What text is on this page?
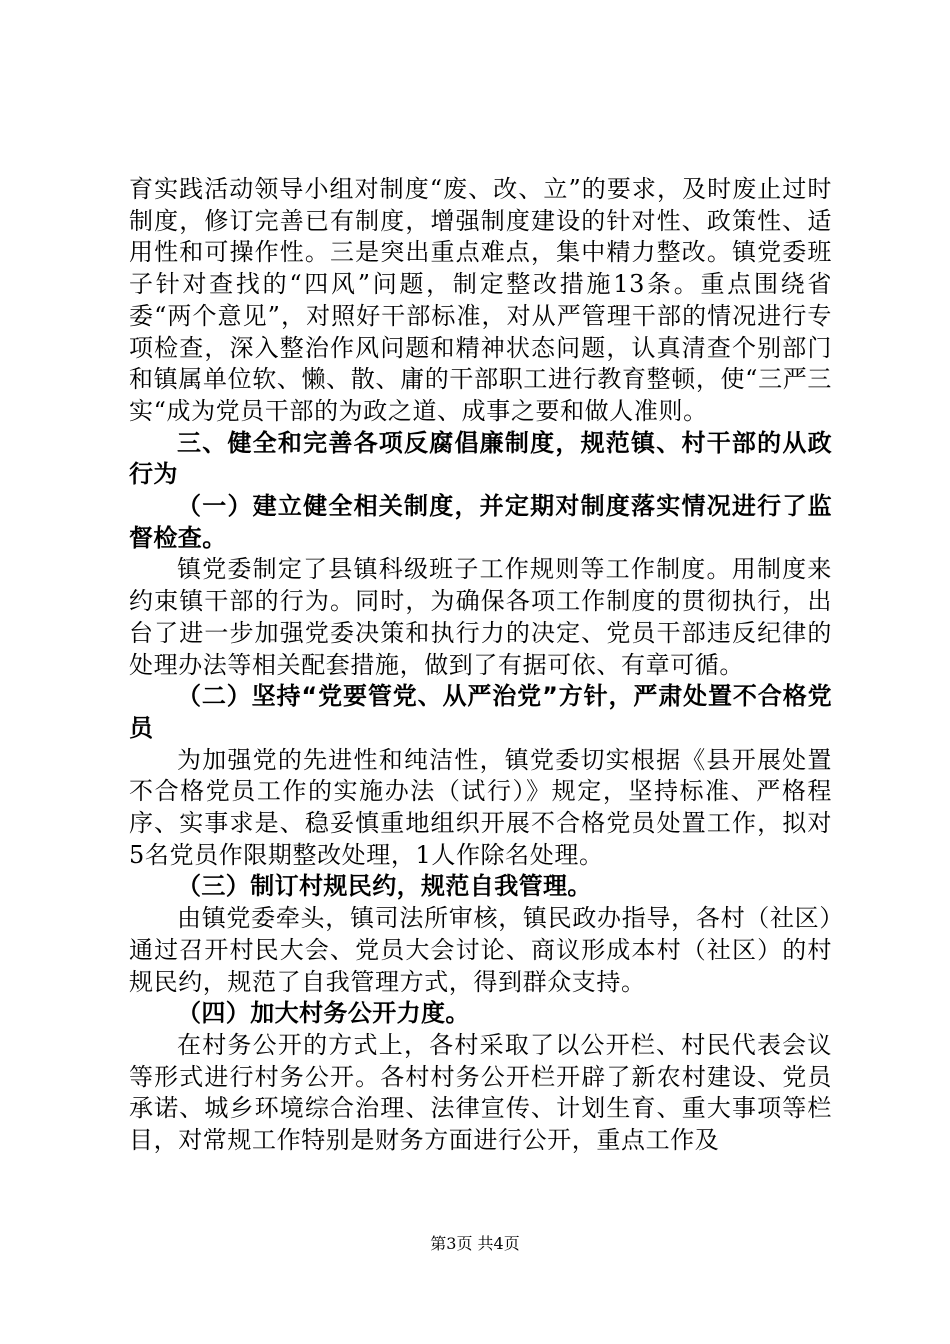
育实践活动领导小组对制度“废、改、立”的要求，及时废止过时制度，修订完善已有制度，增强制度建设的针对性、政策性、适用性和可操作性。三是突出重点难点，集中精力整改。镇党委班子针对查找的“四风”问题，制定整改措施13条。重点围绕省委“两个意见”，对照好干部标准，对从严管理干部的情况进行专项检查，深入整治作风问题和精神状态问题，认真清查个别部门和镇属单位软、懒、散、庸的干部职工进行教育整顿，使“三严三实“成为党员干部的为政之道、成事之要和做人准则。

三、健全和完善各项反腐倡廉制度，规范镇、村干部的从政行为

（一）建立健全相关制度，并定期对制度落实情况进行了监督检查。

镇党委制定了县镇科级班子工作规则等工作制度。用制度来约束镇干部的行为。同时，为确保各项工作制度的贯彻执行，出台了进一步加强党委决策和执行力的决定、党员干部违反纪律的处理办法等相关配套措施，做到了有据可依、有章可循。

（二）坚持“党要管党、从严治党”方针，严肃处置不合格党员

为加强党的先进性和纯洁性，镇党委切实根据《县开展处置不合格党员工作的实施办法（试行）》规定，坚持标准、严格程序、实事求是、稳妥慎重地组织开展不合格党员处置工作，拟对5名党员作限期整改处理，1人作除名处理。

（三）制订村规民约，规范自我管理。

由镇党委牵头，镇司法所审核，镇民政办指导，各村（社区）通过召开村民大会、党员大会讨论、商议形成本村（社区）的村规民约，规范了自我管理方式，得到群众支持。

（四）加大村务公开力度。

在村务公开的方式上，各村采取了以公开栏、村民代表会议等形式进行村务公开。各村村务公开栏开辟了新农村建设、党员承诺、城乡环境综合治理、法律宣传、计划生育、重大事项等栏目，对常规工作特别是财务方面进行公开，重点工作及

第3页 共4页
